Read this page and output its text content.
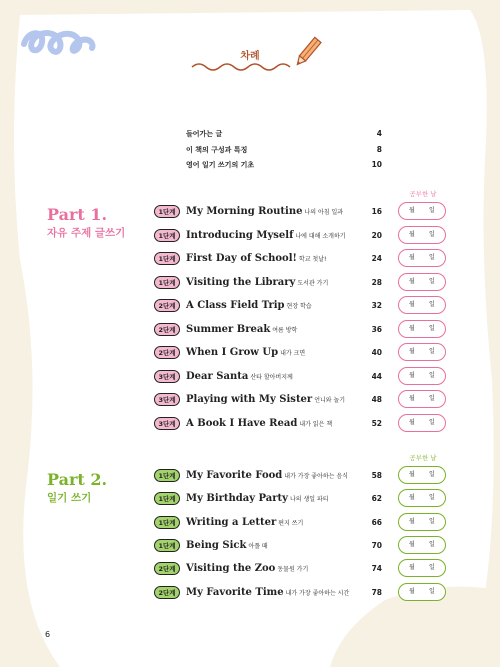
차례
들어가는 글	4
이 책의 구성과 특징	8
영어 일기 쓰기의 기초	10
Part 1.
자유 주제 글쓰기
공부한 날
Part 2.
일기 쓰기
공부한 날
1단계	My Morning Routine 나의 아침 일과	16	월 일
1단계	Introducing Myself 나에 대해 소개하기	20	월 일
1단계	First Day of School! 학교 첫날!	24	월 일
1단계	Visiting the Library 도서관 가기	28	월 일
2단계	A Class Field Trip 현장 학습	32	월 일
2단계	Summer Break 여름 방학	36	월 일
2단계	When I Grow Up 내가 크면	40	월 일
3단계	Dear Santa 산타 할아버지께	44	월 일
3단계	Playing with My Sister 언니와 놀기	48	월 일
3단계	A Book I Have Read 내가 읽은 책	52	월 일
1단계	My Favorite Food 내가 가장 좋아하는 음식	58	월 일
1단계	My Birthday Party 나의 생일 파티	62	월 일
1단계	Writing a Letter 편지 쓰기	66	월 일
1단계	Being Sick 아플 때	70	월 일
2단계	Visiting the Zoo 동물원 가기	74	월 일
2단계	My Favorite Time 내가 가장 좋아하는 시간	78	월 일
6
